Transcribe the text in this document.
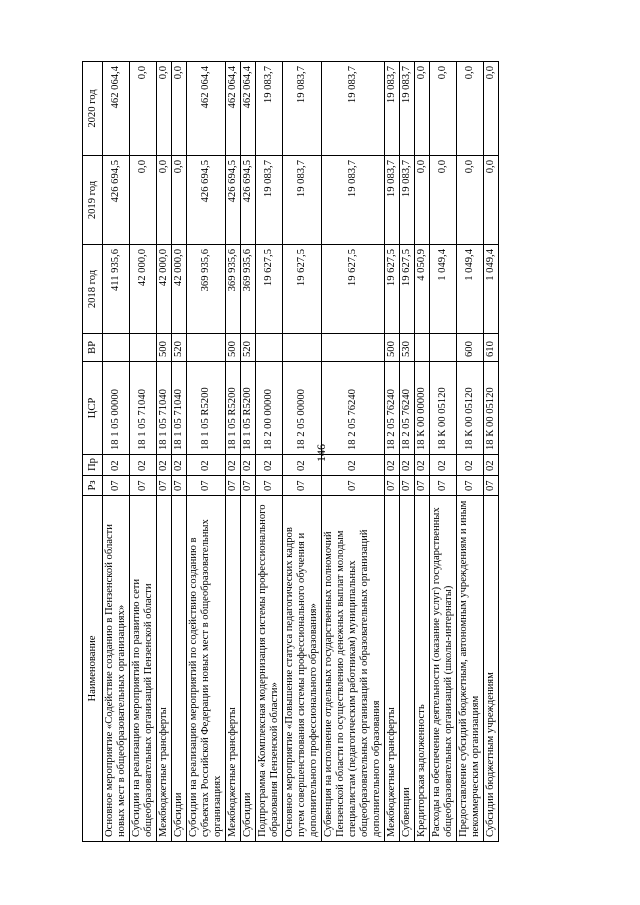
146
Наименование	Рз	Пр	ЦСР	ВР	2018 год	2019 год	2020 год
Основное мероприятие «Содействие созданию в Пензенской области новых мест в общеобразовательных организациях»	07	02	18 1 05 00000		411 935,6	426 694,5	462 064,4
Субсидии на реализацию мероприятий по развитию сети общеобразовательных организаций Пензенской области	07	02	18 1 05 71040		42 000,0	0,0	0,0
Межбюджетные трансферты	07	02	18 1 05 71040	500	42 000,0	0,0	0,0
Субсидии	07	02	18 1 05 71040	520	42 000,0	0,0	0,0
Субсидии на реализацию мероприятий по содействию созданию в субъектах Российской Федерации новых мест в общеобразовательных организациях	07	02	18 1 05 R5200		369 935,6	426 694,5	462 064,4
Межбюджетные трансферты	07	02	18 1 05 R5200	500	369 935,6	426 694,5	462 064,4
Субсидии	07	02	18 1 05 R5200	520	369 935,6	426 694,5	462 064,4
Подпрограмма «Комплексная модернизация системы профессионального образования Пензенской области»	07	02	18 2 00 00000		19 627,5	19 083,7	19 083,7
Основное мероприятие «Повышение статуса педагогических кадров путем совершенствования системы профессионального обучения и дополнительного профессионального образования»	07	02	18 2 05 00000		19 627,5	19 083,7	19 083,7
Субвенция на исполнение отдельных государственных полномочий Пензенской области по осуществлению денежных выплат молодым специалистам (педагогическим работникам) муниципальных общеобразовательных организаций и образовательных организаций дополнительного образования	07	02	18 2 05 76240		19 627,5	19 083,7	19 083,7
Межбюджетные трансферты	07	02	18 2 05 76240	500	19 627,5	19 083,7	19 083,7
Субвенции	07	02	18 2 05 76240	530	19 627,5	19 083,7	19 083,7
Кредиторская задолженность	07	02	18 К 00 00000		4 050,9	0,0	0,0
Расходы на обеспечение деятельности (оказание услуг) государственных общеобразовательных организаций (школы-интернаты)	07	02	18 К 00 05120		1 049,4	0,0	0,0
Предоставление субсидий бюджетным, автономным учреждениям и иным некоммерческим организациям	07	02	18 К 00 05120	600	1 049,4	0,0	0,0
Субсидии бюджетным учреждениям	07	02	18 К 00 05120	610	1 049,4	0,0	0,0
